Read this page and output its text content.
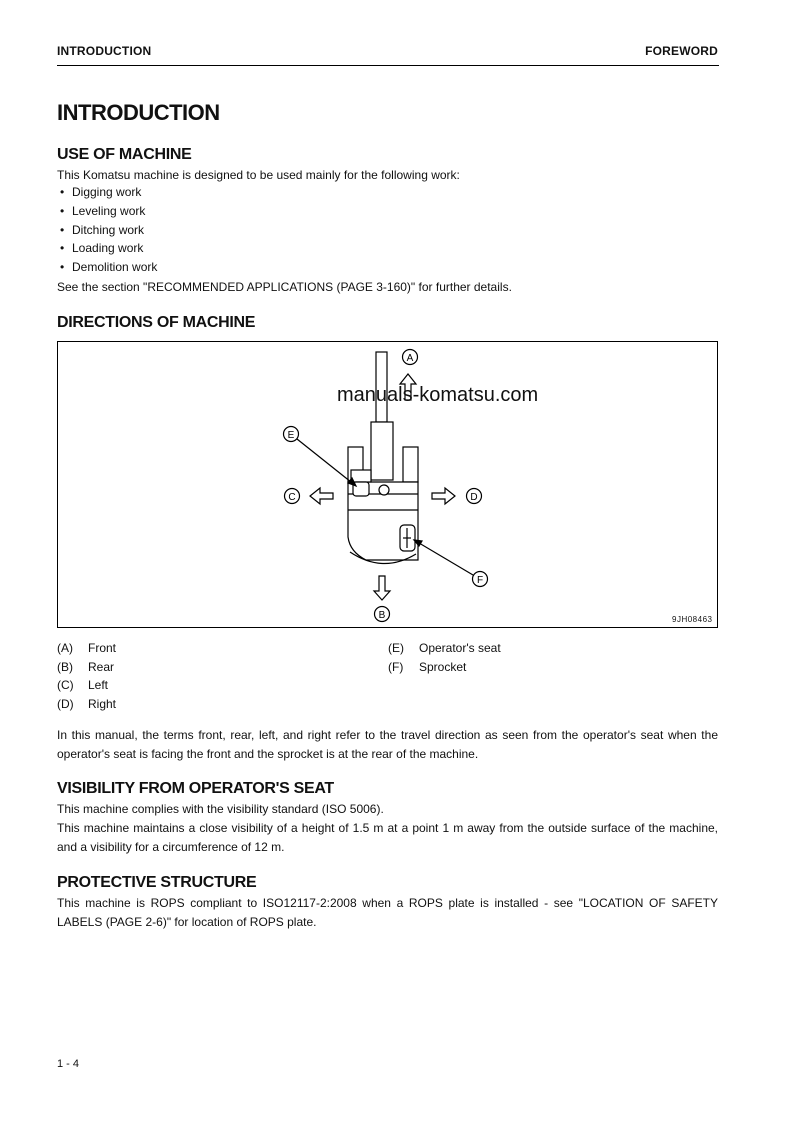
INTRODUCTION	FOREWORD
INTRODUCTION
USE OF MACHINE
This Komatsu machine is designed to be used mainly for the following work:
• Digging work
• Leveling work
• Ditching work
• Loading work
• Demolition work
See the section "RECOMMENDED APPLICATIONS (PAGE 3-160)" for further details.
DIRECTIONS OF MACHINE
A
B
C	D
E
F
manuals-komatsu.com
9JH08463
(A) Front
(B) Rear
(C) Left
(D) Right
(E) Operator's seat
(F) Sprocket
In this manual, the terms front, rear, left, and right refer to the travel direction as seen from the operator's seat when the operator's seat is facing the front and the sprocket is at the rear of the machine.
VISIBILITY FROM OPERATOR'S SEAT
This machine complies with the visibility standard (ISO 5006).
This machine maintains a close visibility of a height of 1.5 m at a point 1 m away from the outside surface of the machine, and a visibility for a circumference of 12 m.
PROTECTIVE STRUCTURE
This machine is ROPS compliant to ISO12117-2:2008 when a ROPS plate is installed - see "LOCATION OF SAFETY LABELS (PAGE 2-6)" for location of ROPS plate.
1 - 4
